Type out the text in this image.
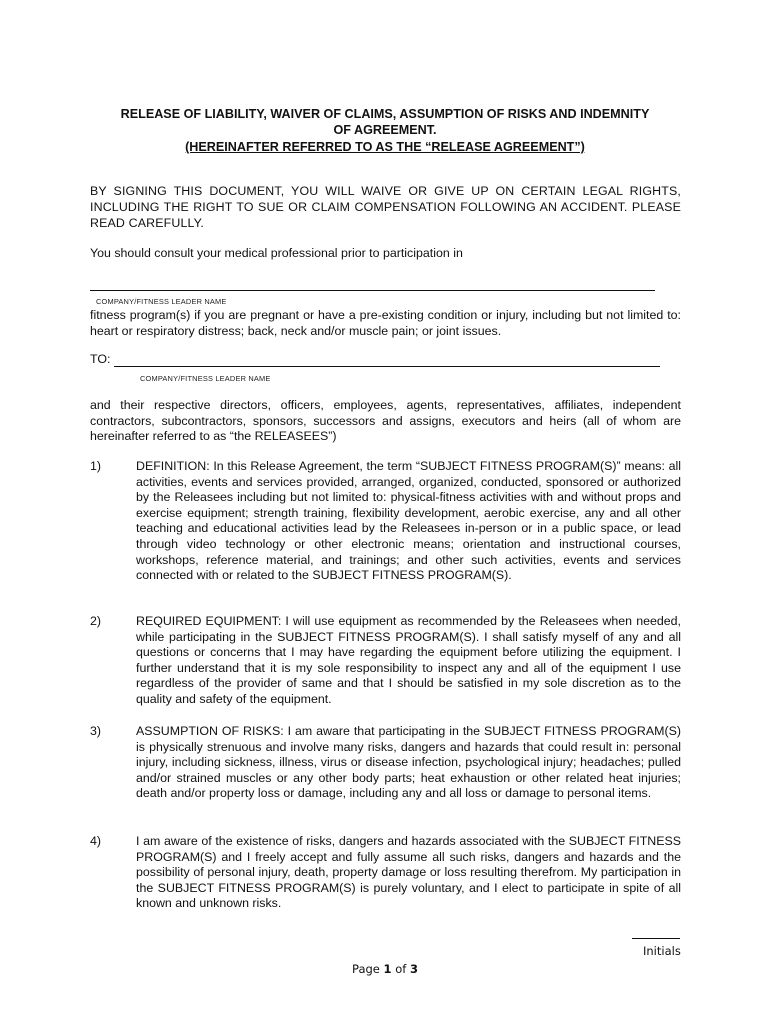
RELEASE OF LIABILITY, WAIVER OF CLAIMS, ASSUMPTION OF RISKS AND INDEMNITY
OF AGREEMENT.
(HEREINAFTER REFERRED TO AS THE “RELEASE AGREEMENT”)
BY SIGNING THIS DOCUMENT, YOU WILL WAIVE OR GIVE UP ON CERTAIN LEGAL RIGHTS, INCLUDING THE RIGHT TO SUE OR CLAIM COMPENSATION FOLLOWING AN ACCIDENT. PLEASE READ CAREFULLY.
You should consult your medical professional prior to participation in
COMPANY/FITNESS LEADER NAME
fitness program(s) if you are pregnant or have a pre-existing condition or injury, including but not limited to: heart or respiratory distress; back, neck and/or muscle pain; or joint issues.
TO:
COMPANY/FITNESS LEADER NAME
and their respective directors, officers, employees, agents, representatives, affiliates, independent contractors, subcontractors, sponsors, successors and assigns, executors and heirs (all of whom are hereinafter referred to as “the RELEASEES”)
1)	DEFINITION: In this Release Agreement, the term “SUBJECT FITNESS PROGRAM(S)” means: all activities, events and services provided, arranged, organized, conducted, sponsored or authorized by the Releasees including but not limited to: physical-fitness activities with and without props and exercise equipment; strength training, flexibility development, aerobic exercise, any and all other teaching and educational activities lead by the Releasees in-person or in a public space, or lead through video technology or other electronic means; orientation and instructional courses, workshops, reference material, and trainings; and other such activities, events and services connected with or related to the SUBJECT FITNESS PROGRAM(S).
2)	REQUIRED EQUIPMENT: I will use equipment as recommended by the Releasees when needed, while participating in the SUBJECT FITNESS PROGRAM(S). I shall satisfy myself of any and all questions or concerns that I may have regarding the equipment before utilizing the equipment. I further understand that it is my sole responsibility to inspect any and all of the equipment I use regardless of the provider of same and that I should be satisfied in my sole discretion as to the quality and safety of the equipment.
3)	ASSUMPTION OF RISKS: I am aware that participating in the SUBJECT FITNESS PROGRAM(S) is physically strenuous and involve many risks, dangers and hazards that could result in: personal injury, including sickness, illness, virus or disease infection, psychological injury; headaches; pulled and/or strained muscles or any other body parts; heat exhaustion or other related heat injuries; death and/or property loss or damage, including any and all loss or damage to personal items.
4)	I am aware of the existence of risks, dangers and hazards associated with the SUBJECT FITNESS PROGRAM(S) and I freely accept and fully assume all such risks, dangers and hazards and the possibility of personal injury, death, property damage or loss resulting therefrom. My participation in the SUBJECT FITNESS PROGRAM(S) is purely voluntary, and I elect to participate in spite of all known and unknown risks.
Initials
Page 1 of 3
